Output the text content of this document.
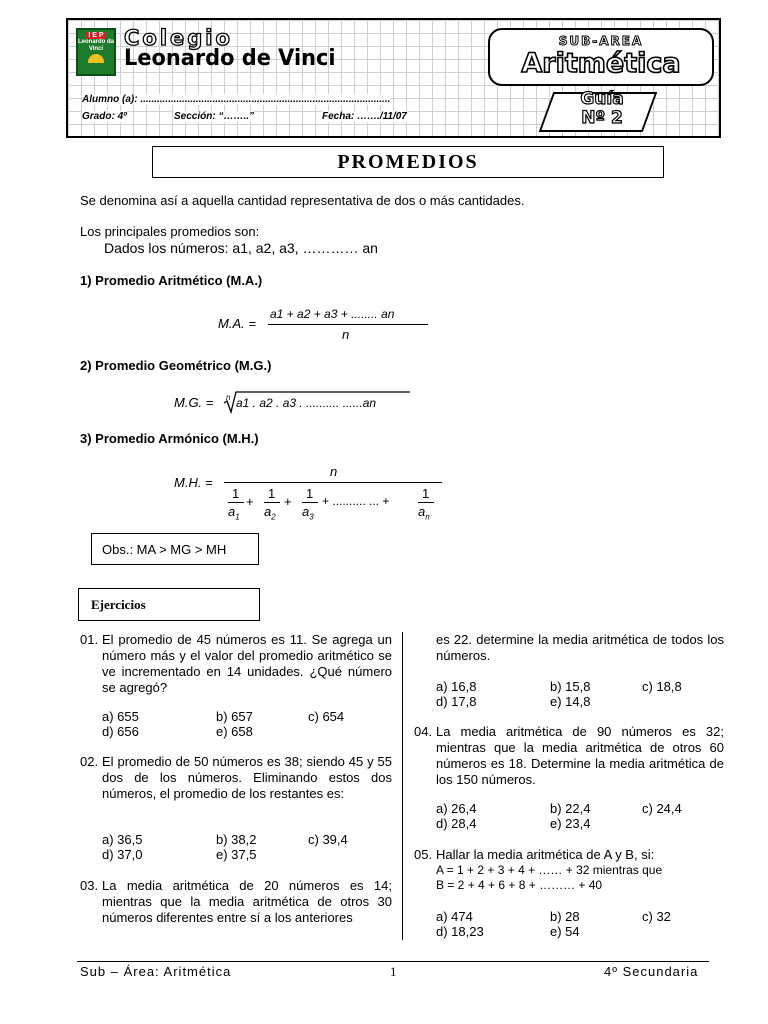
I E P
Leonardo da Vinci Colegio
Leonardo de Vinci
SUB-AREA
Aritmética
Guía
Nº 2
Alumno (a): ..........................................................................................
Grado: 4º	Sección: “……..”	Fecha: ……./11/07
PROMEDIOS
Se denomina así a aquella cantidad representativa de dos o más cantidades.
Los principales promedios son:
Dados los números: a1, a2, a3, ………… an
1) Promedio Aritmético (M.A.)
M.A. =
a1 + a2 + a3 + ........ an
n
2) Promedio Geométrico (M.G.)
M.G. = n a1 . a2 . a3 . .......... ......an
3) Promedio Armónico (M.H.)
M.H. =
n
1
$a_1$
+
1
$a_2$
+
1
$a_3$
+ .......... ... +	1
$a_n$
Obs.: MA > MG > MH
Ejercicios
01. El promedio de 45 números es 11. Se agrega un número más y el valor del promedio aritmético se ve incrementado en 14 unidades. ¿Qué número se agregó?
a) 655	b) 657	c) 654
d) 656	e) 658
02. El promedio de 50 números es 38; siendo 45 y 55 dos de los números. Eliminando estos dos números, el promedio de los restantes es:
a) 36,5	b) 38,2	c) 39,4
d) 37,0	e) 37,5
03. La media aritmética de 20 números es 14; mientras que la media aritmética de otros 30 números diferentes entre sí a los anteriores
es 22. determine la media aritmética de todos los números.
a) 16,8	b) 15,8	c) 18,8
d) 17,8	e) 14,8
04. La media aritmética de 90 números es 32; mientras que la media aritmética de otros 60 números es 18. Determine la media aritmética de los 150 números.
a) 26,4	b) 22,4	c) 24,4
d) 28,4	e) 23,4
05. Hallar la media aritmética de A y B, si:
A = 1 + 2 + 3 + 4 + …… + 32 mientras que
B = 2 + 4 + 6 + 8 + ……… + 40
a) 474	b) 28	c) 32
d) 18,23	e) 54
Sub – Área: Aritmética	1	4º Secundaria
